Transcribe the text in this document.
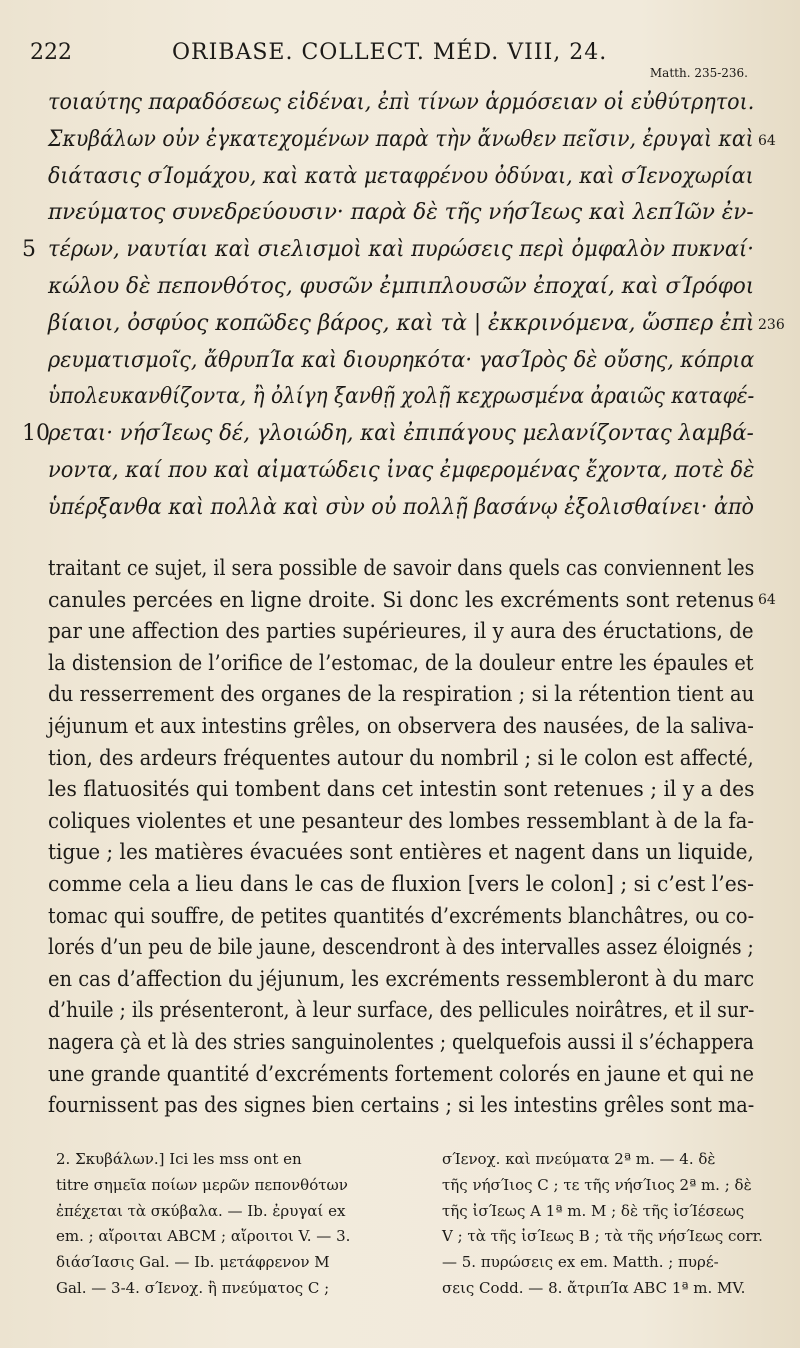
222	ORIBASE. COLLECT. MÉD. VIII, 24.
Matth. 235-236.
τοιαύτης παραδόσεως εἰδέναι, ἐπὶ τίνων ἁρμόσειαν οἱ εὐθύτρητοι.
Σκυβάλων οὖν ἐγκατεχομένων παρὰ τὴν ἄνωθεν πεῖσιν, ἐρυγαὶ καὶ 64
διάτασις σΊομάχου, καὶ κατὰ μεταφρένου ὀδύναι, καὶ σΊενοχωρίαι
πνεύματος συνεδρεύουσιν· παρὰ δὲ τῆς νήσΊεως καὶ λεπΊῶν ἐν-
τέρων, ναυτίαι καὶ σιελισμοὶ καὶ πυρώσεις περὶ ὀμφαλὸν πυκναί·
5
κώλου δὲ πεπονθότος, φυσῶν ἐμπιπλουσῶν ἐποχαί, καὶ σΊρόφοι
βίαιοι, ὀσφύος κοπῶδες βάρος, καὶ τὰ | ἐκκρινόμενα, ὥσπερ ἐπὶ 236
ρευματισμοῖς, ἄθρυπΊα καὶ διουρηκότα· γασΊρὸς δὲ οὔσης, κόπρια
ὑπολευκανθίζοντα, ἢ ὀλίγη ξανθῇ χολῇ κεχρωσμένα ἀραιῶς καταφέ-
ρεται· νήσΊεως δέ, γλοιώδη, καὶ ἐπιπάγους μελανίζοντας λαμβά-
10
νοντα, καί που καὶ αἱματώδεις ἶνας ἐμφερομένας ἔχοντα, ποτὲ δὲ
ὑπέρξανθα καὶ πολλὰ καὶ σὺν οὐ πολλῇ βασάνῳ ἐξολισθαίνει· ἀπὸ
traitant ce sujet, il sera possible de savoir dans quels cas conviennent les
canules percées en ligne droite. Si donc les excréments sont retenus 64
par une affection des parties supérieures, il y aura des éructations, de
la distension de l’orifice de l’estomac, de la douleur entre les épaules et
du resserrement des organes de la respiration ; si la rétention tient au
jéjunum et aux intestins grêles, on observera des nausées, de la saliva-
tion, des ardeurs fréquentes autour du nombril ; si le colon est affecté,
les flatuosités qui tombent dans cet intestin sont retenues ; il y a des
coliques violentes et une pesanteur des lombes ressemblant à de la fa-
tigue ; les matières évacuées sont entières et nagent dans un liquide,
comme cela a lieu dans le cas de fluxion [vers le colon] ; si c’est l’es-
tomac qui souffre, de petites quantités d’excréments blanchâtres, ou co-
lorés d’un peu de bile jaune, descendront à des intervalles assez éloignés ;
en cas d’affection du jéjunum, les excréments ressembleront à du marc
d’huile ; ils présenteront, à leur surface, des pellicules noirâtres, et il sur-
nagera çà et là des stries sanguinolentes ; quelquefois aussi il s’échappera
une grande quantité d’excréments fortement colorés en jaune et qui ne
fournissent pas des signes bien certains ; si les intestins grêles sont ma-
2. Σκυβάλων.] Ici les mss ont en	σΊενοχ. καὶ πνεύματα 2ª m. — 4. δὲ
titre σημεῖα ποίων μερῶν πεπονθότων	τῆς νήσΊιος C ; τε τῆς νήσΊιος 2ª m. ; δὲ
ἐπέχεται τὰ σκύβαλα. — Ib. ἐρυγαί ex	τῆς ἰσΊεως A 1ª m. M ; δὲ τῆς ἰσΊέσεως
em. ; αἴροιται ABCM ; αἴροιτοι V. — 3.	V ; τὰ τῆς ἰσΊεως B ; τὰ τῆς νήσΊεως corr.
διάσΊασις Gal. — Ib. μετάφρενον M	— 5. πυρώσεις ex em. Matth. ; πυρέ-
Gal. — 3-4. σΊενοχ. ἢ πνεύματος C ;	σεις Codd. — 8. ἄτριπΊα ABC 1ª m. MV.
